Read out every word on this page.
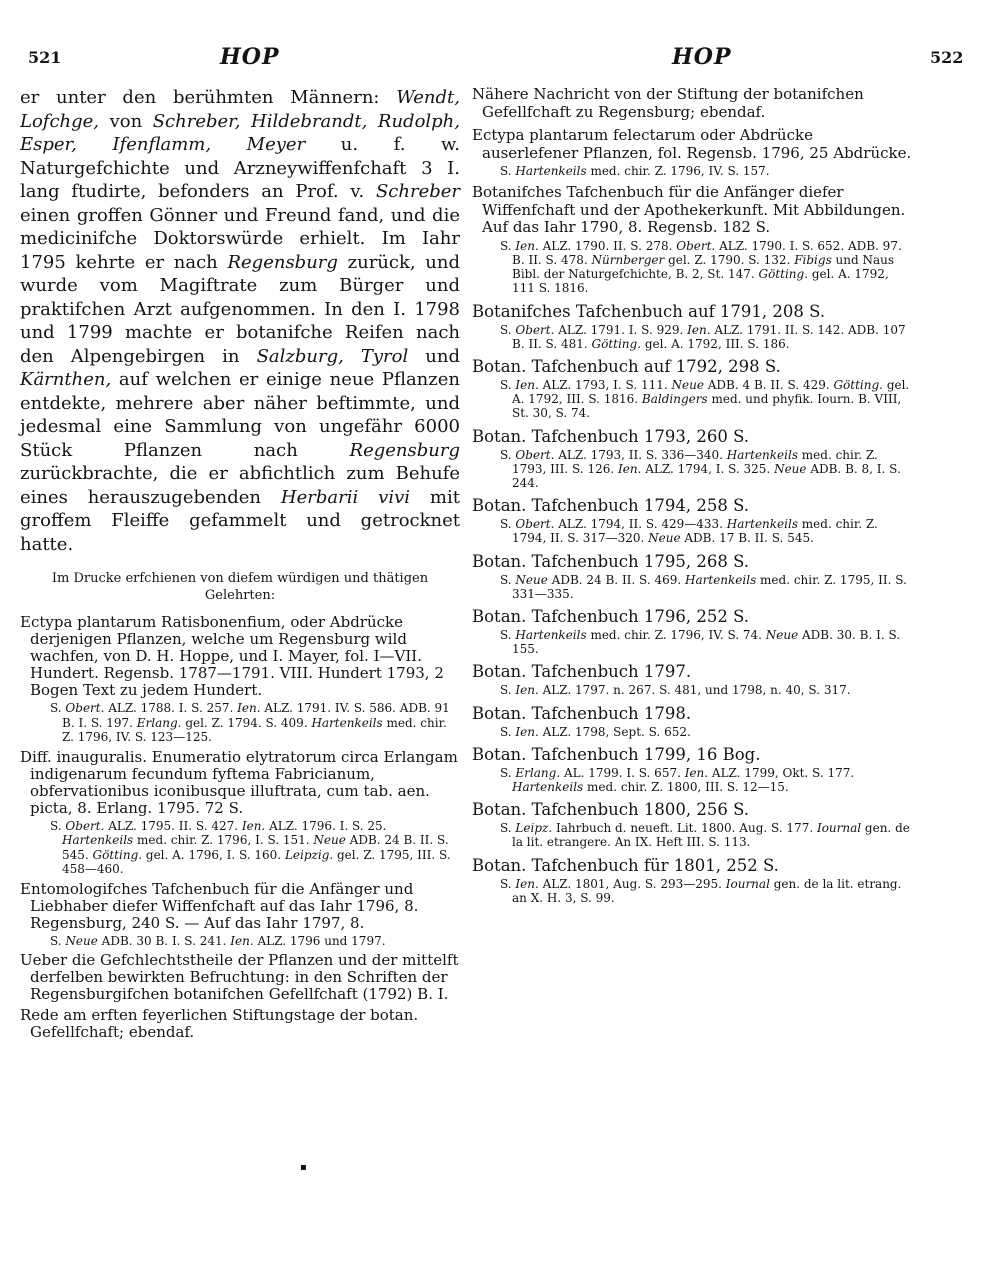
521	HOP	HOP	522

er unter den berühmten Männern: Wendt, Lofchge, von Schreber, Hildebrandt, Rudolph, Esper, Ifenflamm, Meyer u. f. w. Naturgefchichte und Arzneywiffenfchaft 3 I. lang ftudirte, befonders an Prof. v. Schreber einen groffen Gönner und Freund fand, und die medicinifche Doktorswürde erhielt. Im Iahr 1795 kehrte er nach Regensburg zurück, und wurde vom Magiftrate zum Bürger und praktifchen Arzt aufgenommen. In den I. 1798 und 1799 machte er botanifche Reifen nach den Alpengebirgen in Salzburg, Tyrol und Kärnthen, auf welchen er einige neue Pflanzen entdekte, mehrere aber näher beftimmte, und jedesmal eine Sammlung von ungefähr 6000 Stück Pflanzen nach Regensburg zurückbrachte, die er abfichtlich zum Behufe eines herauszugebenden Herbarii vivi mit groffem Fleiffe gefammelt und getrocknet hatte.

Im Drucke erfchienen von diefem würdigen und thätigen Gelehrten:
Ectypa plantarum Ratisbonenfium, oder Abdrücke derjenigen Pflanzen, welche um Regensburg wild wachfen, von D. H. Hoppe, und I. Mayer, fol. I—VII. Hundert. Regensb. 1787—1791. VIII. Hundert 1793, 2 Bogen Text zu jedem Hundert.
S. Obert. ALZ. 1788. I. S. 257. Ien. ALZ. 1791. IV. S. 586. ADB. 91 B. I. S. 197. Erlang. gel. Z. 1794. S. 409. Hartenkeils med. chir. Z. 1796, IV. S. 123—125.
Diff. inauguralis. Enumeratio elytratorum circa Erlangam indigenarum fecundum fyftema Fabricianum, obfervationibus iconibusque illuftrata, cum tab. aen. picta, 8. Erlang. 1795. 72 S.
S. Obert. ALZ. 1795. II. S. 427. Ien. ALZ. 1796. I. S. 25. Hartenkeils med. chir. Z. 1796, I. S. 151. Neue ADB. 24 B. II. S. 545. Götting. gel. A. 1796, I. S. 160. Leipzig. gel. Z. 1795, III. S. 458—460.
Entomologifches Tafchenbuch für die Anfänger und Liebhaber diefer Wiffenfchaft auf das Iahr 1796, 8. Regensburg, 240 S. — Auf das Iahr 1797, 8.
S. Neue ADB. 30 B. I. S. 241. Ien. ALZ. 1796 und 1797.
Ueber die Gefchlechtstheile der Pflanzen und der mittelft derfelben bewirkten Befruchtung: in den Schriften der Regensburgifchen botanifchen Gefellfchaft (1792) B. I.
Rede am erften feyerlichen Stiftungstage der botan. Gefellfchaft; ebendaf.
Nähere Nachricht von der Stiftung der botanifchen Gefellfchaft zu Regensburg; ebendaf.
Ectypa plantarum felectarum oder Abdrücke auserlefener Pflanzen, fol. Regensb. 1796, 25 Abdrücke.
S. Hartenkeils med. chir. Z. 1796, IV. S. 157.
Botanifches Tafchenbuch für die Anfänger diefer Wiffenfchaft und der Apothekerkunft. Mit Abbildungen. Auf das Iahr 1790, 8. Regensb. 182 S.
S. Ien. ALZ. 1790. II. S. 278. Obert. ALZ. 1790. I. S. 652. ADB. 97. B. II. S. 478. Nürnberger gel. Z. 1790. S. 132. Fibigs und Naus Bibl. der Naturgefchichte, B. 2, St. 147. Götting. gel. A. 1792, 111 S. 1816.
Botanifches Tafchenbuch auf 1791, 208 S.
S. Obert. ALZ. 1791. I. S. 929. Ien. ALZ. 1791. II. S. 142. ADB. 107 B. II. S. 481. Götting. gel. A. 1792, III. S. 186.
Botan. Tafchenbuch auf 1792, 298 S.
S. Ien. ALZ. 1793, I. S. 111. Neue ADB. 4 B. II. S. 429. Götting. gel. A. 1792, III. S. 1816. Baldingers med. und phyfik. Iourn. B. VIII, St. 30, S. 74.
Botan. Tafchenbuch 1793, 260 S.
S. Obert. ALZ. 1793, II. S. 336—340. Hartenkeils med. chir. Z. 1793, III. S. 126. Ien. ALZ. 1794, I. S. 325. Neue ADB. B. 8, I. S. 244.
Botan. Tafchenbuch 1794, 258 S.
S. Obert. ALZ. 1794, II. S. 429—433. Hartenkeils med. chir. Z. 1794, II. S. 317—320. Neue ADB. 17 B. II. S. 545.
Botan. Tafchenbuch 1795, 268 S.
S. Neue ADB. 24 B. II. S. 469. Hartenkeils med. chir. Z. 1795, II. S. 331—335.
Botan. Tafchenbuch 1796, 252 S.
S. Hartenkeils med. chir. Z. 1796, IV. S. 74. Neue ADB. 30. B. I. S. 155.
Botan. Tafchenbuch 1797.
S. Ien. ALZ. 1797. n. 267. S. 481, und 1798, n. 40, S. 317.
Botan. Tafchenbuch 1798.
S. Ien. ALZ. 1798, Sept. S. 652.
Botan. Tafchenbuch 1799, 16 Bog.
S. Erlang. AL. 1799. I. S. 657. Ien. ALZ. 1799, Okt. S. 177. Hartenkeils med. chir. Z. 1800, III. S. 12—15.
Botan. Tafchenbuch 1800, 256 S.
S. Leipz. Iahrbuch d. neueft. Lit. 1800. Aug. S. 177. Iournal gen. de la lit. etrangere. An IX. Heft III. S. 113.
Botan. Tafchenbuch für 1801, 252 S.
S. Ien. ALZ. 1801, Aug. S. 293—295. Iournal gen. de la lit. etrang. an X. H. 3, S. 99.
▪
